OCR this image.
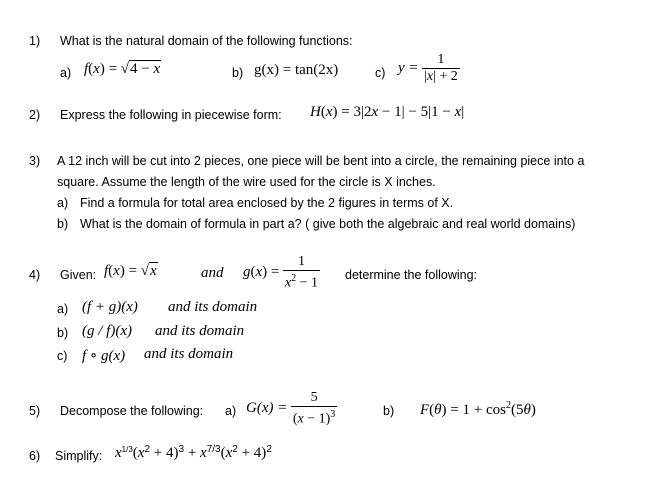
1) What is the natural domain of the following functions:
a) f(x) = √4 − x	b) g(x) = tan(2x)	c) $y = \frac{1}{|x| + 2}$
2) Express the following in piecewise form: H(x) = 3|2x − 1| − 5|1 − x|
3) A 12 inch will be cut into 2 pieces, one piece will be bent into a circle, the remaining piece into a
square. Assume the length of the wire used for the circle is X inches.
a) Find a formula for total area enclosed by the 2 figures in terms of X.
b) What is the domain of formula in part a? ( give both the algebraic and real world domains)
4) Given: f(x) = √x	and $g(x) = \frac{1}{x^2 - 1}$ determine the following:
a) (f + g)(x) and its domain
b) (g / f)(x) and its domain
c) f ∘ g(x) and its domain
5) Decompose the following: a) $G(x) = \frac{5}{(x - 1)^3}$	b) $F(\theta) = 1 + \cos^2(5\theta)$
6) Simplify: $x^{1/3}(x^2 + 4)^3 + x^{7/3}(x^2 + 4)^2$
